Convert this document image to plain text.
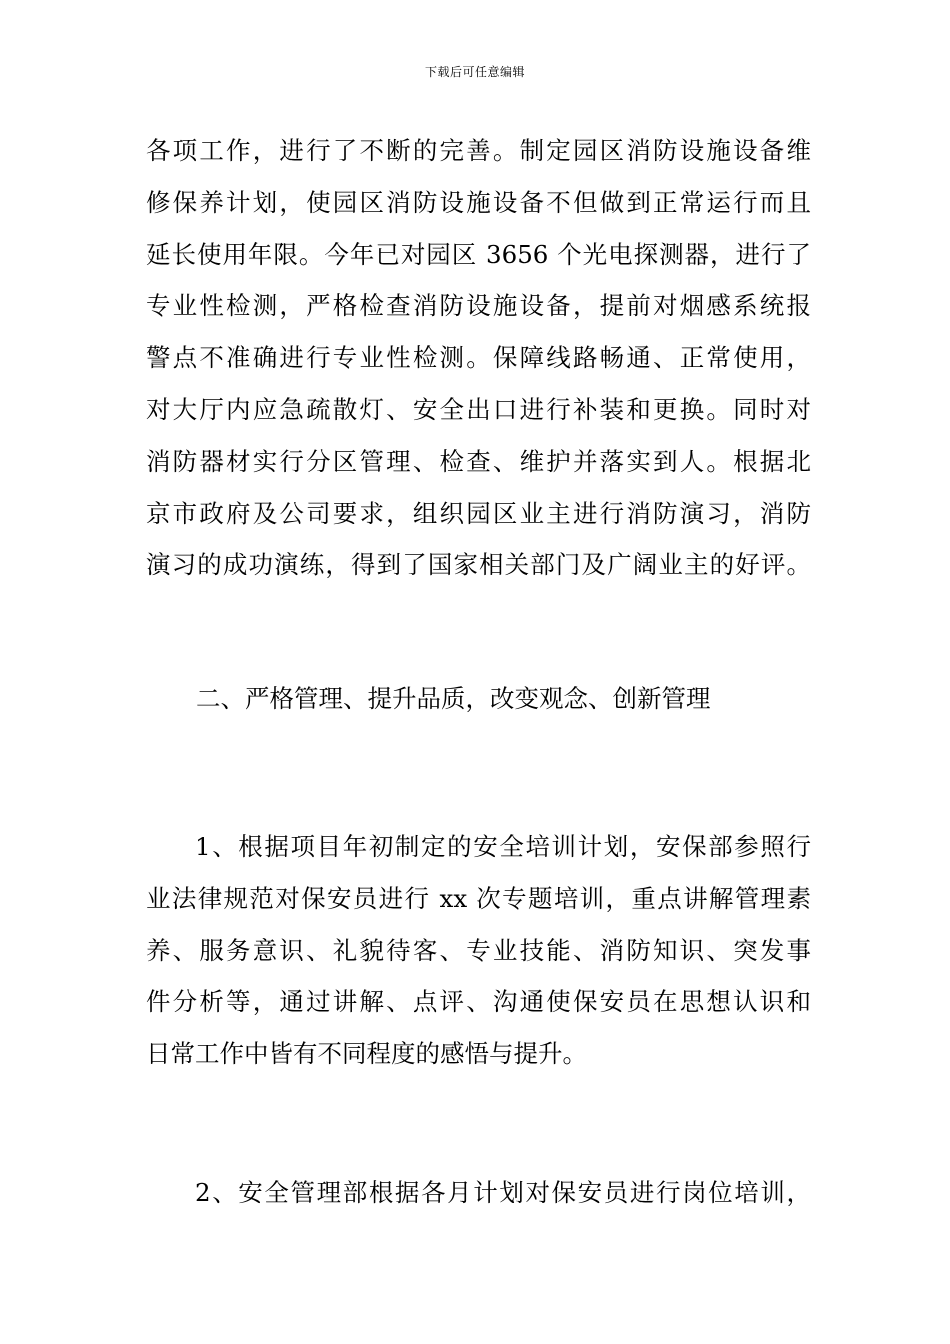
下载后可任意编辑
各项工作，进行了不断的完善。制定园区消防设施设备维
修保养计划，使园区消防设施设备不但做到正常运行而且
延长使用年限。今年已对园区 3656 个光电探测器，进行了
专业性检测，严格检查消防设施设备，提前对烟感系统报
警点不准确进行专业性检测。保障线路畅通、正常使用，
对大厅内应急疏散灯、安全出口进行补装和更换。同时对
消防器材实行分区管理、检查、维护并落实到人。根据北
京市政府及公司要求，组织园区业主进行消防演习，消防
演习的成功演练，得到了国家相关部门及广阔业主的好评。
二、严格管理、提升品质，改变观念、创新管理
1、根据项目年初制定的安全培训计划，安保部参照行
业法律规范对保安员进行 xx 次专题培训，重点讲解管理素
养、服务意识、礼貌待客、专业技能、消防知识、突发事
件分析等，通过讲解、点评、沟通使保安员在思想认识和
日常工作中皆有不同程度的感悟与提升。
2、安全管理部根据各月计划对保安员进行岗位培训，
